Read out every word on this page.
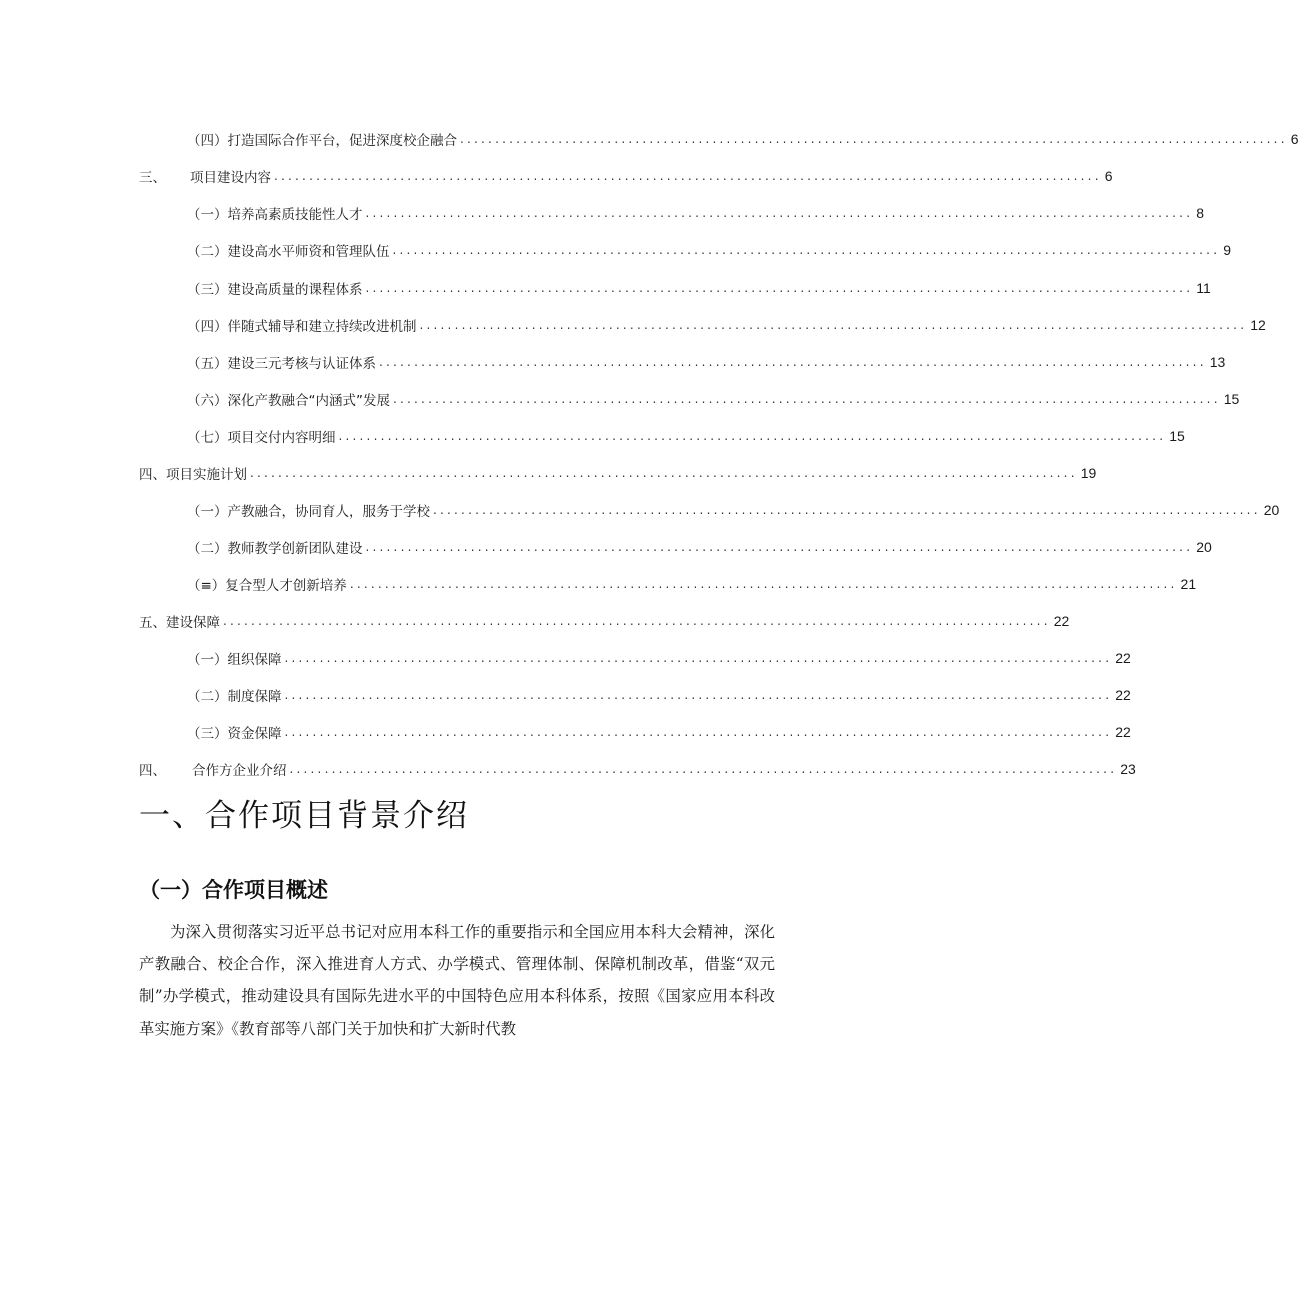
（四）打造国际合作平台，促进深度校企融合 ...................................................................................................................... 6
三、 项目建设内容 ...................................................................................................................... 6
（一）培养高素质技能性人才 ...................................................................................................................... 8
（二）建设高水平师资和管理队伍 ...................................................................................................................... 9
（三）建设高质量的课程体系 ...................................................................................................................... 11
（四）伴随式辅导和建立持续改进机制 ...................................................................................................................... 12
（五）建设三元考核与认证体系 ...................................................................................................................... 13
（六）深化产教融合“内涵式”发展 ...................................................................................................................... 15
（七）项目交付内容明细 ...................................................................................................................... 15
四、项目实施计划 ...................................................................................................................... 19
（一）产教融合，协同育人，服务于学校 ...................................................................................................................... 20
（二）教师教学创新团队建设 ...................................................................................................................... 20
（≡）复合型人才创新培养 ...................................................................................................................... 21
五、建设保障 ...................................................................................................................... 22
（一）组织保障 ...................................................................................................................... 22
（二）制度保障 ...................................................................................................................... 22
（三）资金保障 ...................................................................................................................... 22
四、 合作方企业介绍 ...................................................................................................................... 23
一、合作项目背景介绍
（一）合作项目概述

为深入贯彻落实习近平总书记对应用本科工作的重要指示和全国应用本科大会精神，深化产教融合、校企合作，深入推进育人方式、办学模式、管理体制、保障机制改革，借鉴“双元制”办学模式，推动建设具有国际先进水平的中国特色应用本科体系，按照《国家应用本科改革实施方案》《教育部等八部门关于加快和扩大新时代教
